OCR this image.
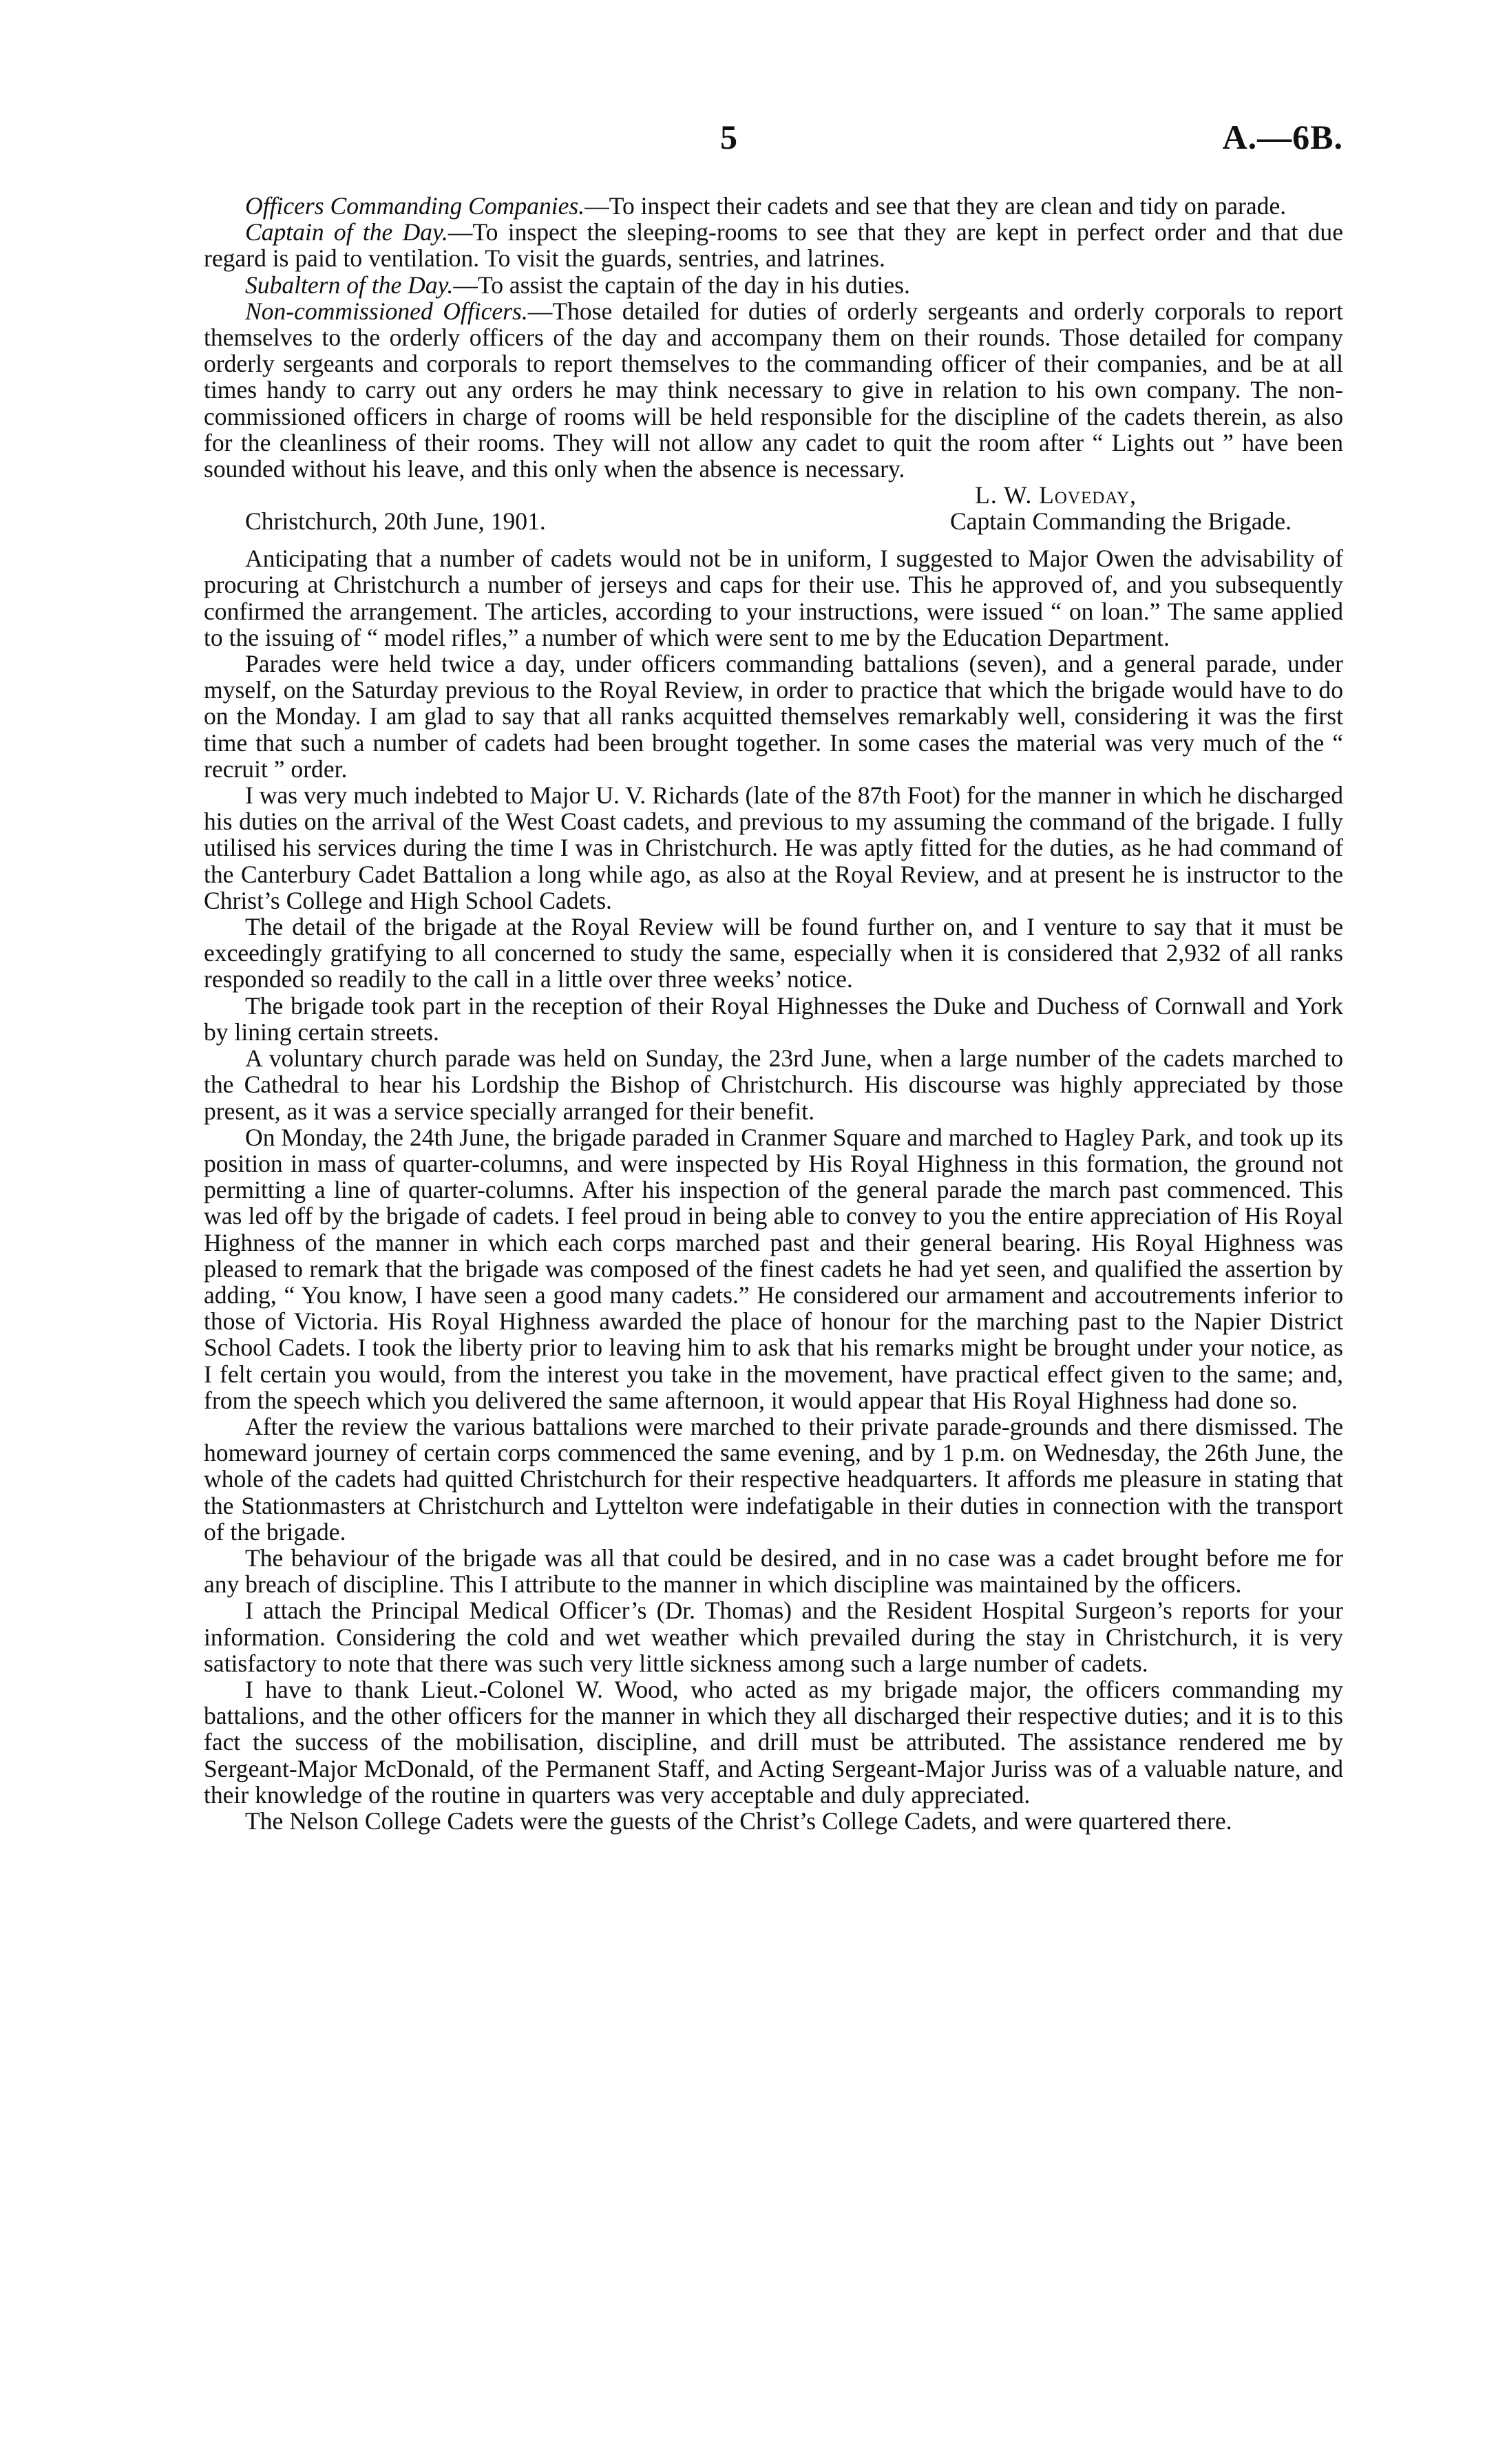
5	A.—6B.

Officers Commanding Companies.—To inspect their cadets and see that they are clean and tidy on parade.

Captain of the Day.—To inspect the sleeping-rooms to see that they are kept in perfect order and that due regard is paid to ventilation. To visit the guards, sentries, and latrines.

Subaltern of the Day.—To assist the captain of the day in his duties.

Non-commissioned Officers.—Those detailed for duties of orderly sergeants and orderly corporals to report themselves to the orderly officers of the day and accompany them on their rounds. Those detailed for company orderly sergeants and corporals to report themselves to the commanding officer of their companies, and be at all times handy to carry out any orders he may think necessary to give in relation to his own company. The non-commissioned officers in charge of rooms will be held responsible for the discipline of the cadets therein, as also for the cleanliness of their rooms. They will not allow any cadet to quit the room after “ Lights out ” have been sounded without his leave, and this only when the absence is necessary.

L. W. Loveday,
Christchurch, 20th June, 1901.	Captain Commanding the Brigade.

Anticipating that a number of cadets would not be in uniform, I suggested to Major Owen the advisability of procuring at Christchurch a number of jerseys and caps for their use. This he approved of, and you subsequently confirmed the arrangement. The articles, according to your instructions, were issued “ on loan.” The same applied to the issuing of “ model rifles,” a number of which were sent to me by the Education Department.

Parades were held twice a day, under officers commanding battalions (seven), and a general parade, under myself, on the Saturday previous to the Royal Review, in order to practice that which the brigade would have to do on the Monday. I am glad to say that all ranks acquitted themselves remarkably well, considering it was the first time that such a number of cadets had been brought together. In some cases the material was very much of the “ recruit ” order.

I was very much indebted to Major U. V. Richards (late of the 87th Foot) for the manner in which he discharged his duties on the arrival of the West Coast cadets, and previous to my assuming the command of the brigade. I fully utilised his services during the time I was in Christchurch. He was aptly fitted for the duties, as he had command of the Canterbury Cadet Battalion a long while ago, as also at the Royal Review, and at present he is instructor to the Christ’s College and High School Cadets.

The detail of the brigade at the Royal Review will be found further on, and I venture to say that it must be exceedingly gratifying to all concerned to study the same, especially when it is considered that 2,932 of all ranks responded so readily to the call in a little over three weeks’ notice.

The brigade took part in the reception of their Royal Highnesses the Duke and Duchess of Cornwall and York by lining certain streets.

A voluntary church parade was held on Sunday, the 23rd June, when a large number of the cadets marched to the Cathedral to hear his Lordship the Bishop of Christchurch. His discourse was highly appreciated by those present, as it was a service specially arranged for their benefit.

On Monday, the 24th June, the brigade paraded in Cranmer Square and marched to Hagley Park, and took up its position in mass of quarter-columns, and were inspected by His Royal Highness in this formation, the ground not permitting a line of quarter-columns. After his inspection of the general parade the march past commenced. This was led off by the brigade of cadets. I feel proud in being able to convey to you the entire appreciation of His Royal Highness of the manner in which each corps marched past and their general bearing. His Royal Highness was pleased to remark that the brigade was composed of the finest cadets he had yet seen, and qualified the assertion by adding, “ You know, I have seen a good many cadets.” He considered our armament and accoutrements inferior to those of Victoria. His Royal Highness awarded the place of honour for the marching past to the Napier District School Cadets. I took the liberty prior to leaving him to ask that his remarks might be brought under your notice, as I felt certain you would, from the interest you take in the movement, have practical effect given to the same; and, from the speech which you delivered the same afternoon, it would appear that His Royal Highness had done so.

After the review the various battalions were marched to their private parade-grounds and there dismissed. The homeward journey of certain corps commenced the same evening, and by 1 p.m. on Wednesday, the 26th June, the whole of the cadets had quitted Christchurch for their respective headquarters. It affords me pleasure in stating that the Stationmasters at Christchurch and Lyttelton were indefatigable in their duties in connection with the transport of the brigade.

The behaviour of the brigade was all that could be desired, and in no case was a cadet brought before me for any breach of discipline. This I attribute to the manner in which discipline was maintained by the officers.

I attach the Principal Medical Officer’s (Dr. Thomas) and the Resident Hospital Surgeon’s reports for your information. Considering the cold and wet weather which prevailed during the stay in Christchurch, it is very satisfactory to note that there was such very little sickness among such a large number of cadets.

I have to thank Lieut.-Colonel W. Wood, who acted as my brigade major, the officers commanding my battalions, and the other officers for the manner in which they all discharged their respective duties; and it is to this fact the success of the mobilisation, discipline, and drill must be attributed. The assistance rendered me by Sergeant-Major McDonald, of the Permanent Staff, and Acting Sergeant-Major Juriss was of a valuable nature, and their knowledge of the routine in quarters was very acceptable and duly appreciated.

The Nelson College Cadets were the guests of the Christ’s College Cadets, and were quartered there.
